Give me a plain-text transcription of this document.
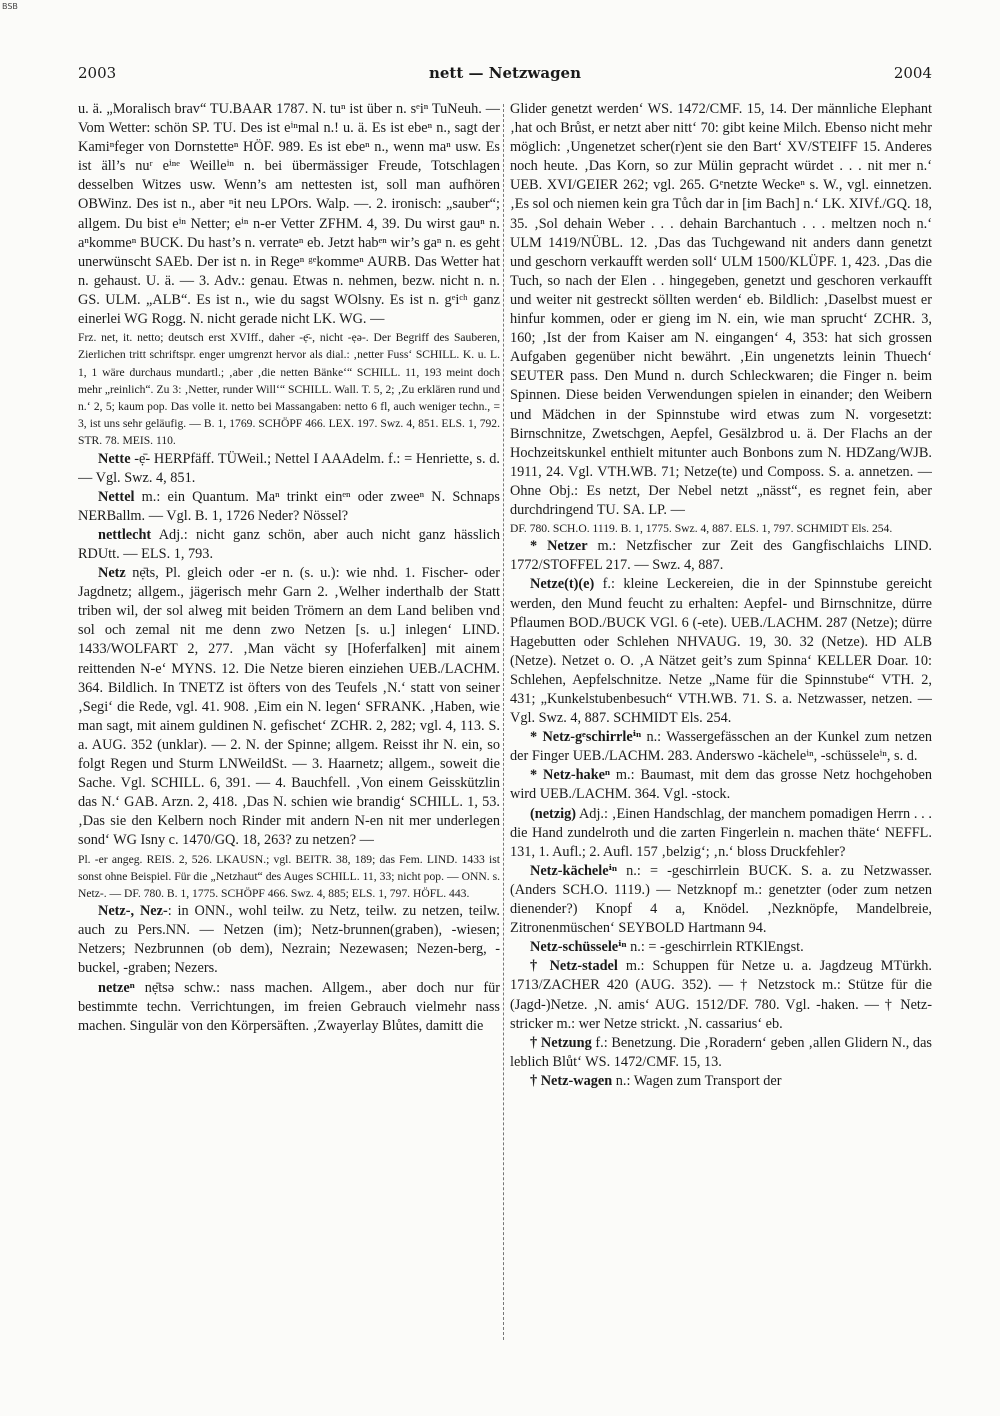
BSB
2003	nett — Netzwagen	2004

u. ä. „Moralisch brav“ TU.BAAR 1787. N. tuⁿ ist über n. sᵉiⁿ TuNeuh. — Vom Wetter: schön SP. TU. Des ist eⁱⁿmal n.! u. ä. Es ist ebeⁿ n., sagt der Kamiⁿfeger von Dornstetteⁿ HÖF. 989. Es ist ebeⁿ n., wenn maⁿ usw. Es ist äll’s nuʳ eⁱⁿᵉ Weilleⁱⁿ n. bei übermässiger Freude, Totschlagen desselben Witzes usw. Wenn’s am nettesten ist, soll man aufhören OBWinz. Des ist n., aber ⁿit neu LPOrs. Walp. —. 2. ironisch: „sauber“; allgem. Du bist eⁱⁿ Netter; eⁱⁿ n-er Vetter ZFHM. 4, 39. Du wirst gauⁿ n. aⁿkommeⁿ BUCK. Du hast’s n. verrateⁿ eb. Jetzt habᵉⁿ wir’s gaⁿ n. es geht unerwünscht SAEb. Der ist n. in Regeⁿ ᵍᵉkommeⁿ AURB. Das Wetter hat n. gehaust. U. ä. — 3. Adv.: genau. Etwas n. nehmen, bezw. nicht n. n. GS. ULM. „ALB“. Es ist n., wie du sagst WOlsny. Es ist n. gᵉiᶜʰ ganz einerlei WG Rogg. N. nicht gerade nicht LK. WG. —

Frz. net, it. netto; deutsch erst XVIff., daher -ẹ̄-, nicht -ẹə-. Der Begriff des Sauberen, Zierlichen tritt schriftspr. enger umgrenzt hervor als dial.: ‚netter Fuss‘ SCHILL. K. u. L. 1, 1 wäre durchaus mundartl.; ‚aber ‚die netten Bänke‘“ SCHILL. 11, 193 meint doch mehr „reinlich“. Zu 3: ‚Netter, runder Will‘“ SCHILL. Wall. T. 5, 2; ‚Zu erklären rund und n.‘ 2, 5; kaum pop. Das volle it. netto bei Massangaben: netto 6 fl, auch weniger techn., = 3, ist uns sehr geläufig. — B. 1, 1769. SCHÖPF 466. LEX. 197. Swz. 4, 851. ELS. 1, 792. STR. 78. MEIS. 110.

Nette -ẹ̄- HERPfäff. TÜWeil.; Nettel I AAAdelm. f.: = Henriette, s. d. — Vgl. Swz. 4, 851.

Nettel m.: ein Quantum. Maⁿ trinkt einᵉⁿ oder zweeⁿ N. Schnaps NERBallm. — Vgl. B. 1, 1726 Neder? Nössel?

nettlecht Adj.: nicht ganz schön, aber auch nicht ganz hässlich RDUtt. — ELS. 1, 793.

Netz nẹ̄ts, Pl. gleich oder -er n. (s. u.): wie nhd. 1. Fischer- oder Jagdnetz; allgem., jägerisch mehr Garn 2. ‚Welher inderthalb der Statt triben wil, der sol alweg mit beiden Trömern an dem Land beliben vnd sol och zemal nit me denn zwo Netzen [s. u.] inlegen‘ LIND. 1433/WOLFART 2, 277. ‚Man vächt sy [Hoferfalken] mit ainem reittenden N-e‘ MYNS. 12. Die Netze bieren einziehen UEB./LACHM. 364. Bildlich. In TNETZ ist öfters von des Teufels ‚N.‘ statt von seiner ‚Segi‘ die Rede, vgl. 41. 908. ‚Eim ein N. legen‘ SFRANK. ‚Haben, wie man sagt, mit ainem guldinen N. gefischet‘ ZCHR. 2, 282; vgl. 4, 113. S. a. AUG. 352 (unklar). — 2. N. der Spinne; allgem. Reisst ihr N. ein, so folgt Regen und Sturm LNWeildSt. — 3. Haarnetz; allgem., soweit die Sache. Vgl. SCHILL. 6, 391. — 4. Bauchfell. ‚Von einem Geisskützlin das N.‘ GAB. Arzn. 2, 418. ‚Das N. schien wie brandig‘ SCHILL. 1, 53. ‚Das sie den Kelbern noch Rinder mit andern N-en nit mer underlegen sond‘ WG Isny c. 1470/GQ. 18, 263? zu netzen? —

Pl. -er angeg. REIS. 2, 526. LKAUSN.; vgl. BEITR. 38, 189; das Fem. LIND. 1433 ist sonst ohne Beispiel. Für die „Netzhaut“ des Auges SCHILL. 11, 33; nicht pop. — ONN. s. Netz-. — DF. 780. B. 1, 1775. SCHÖPF 466. Swz. 4, 885; ELS. 1, 797. HÖFL. 443.

Netz-, Nez-: in ONN., wohl teilw. zu Netz, teilw. zu netzen, teilw. auch zu Pers.NN. — Netzen (im); Netz-brunnen(graben), -wiesen; Netzers; Nezbrunnen (ob dem), Nezrain; Nezewasen; Nezen-berg, -buckel, -graben; Nezers.

netzeⁿ nẹ̄tsə schw.: nass machen. Allgem., aber doch nur für bestimmte techn. Verrichtungen, im freien Gebrauch vielmehr nass machen. Singulär von den Körpersäften. ‚Zwayerlay Blůtes, damitt die

Glider genetzt werden‘ WS. 1472/CMF. 15, 14. Der männliche Elephant ‚hat och Brůst, er netzt aber nitt‘ 70: gibt keine Milch. Ebenso nicht mehr möglich: ‚Ungenetzet scher(r)ent sie den Bart‘ XV/STEIFF 15. Anderes noch heute. ‚Das Korn, so zur Mülin gepracht würdet . . . nit mer n.‘ UEB. XVI/GEIER 262; vgl. 265. Gᵉnetzte Weckeⁿ s. W., vgl. einnetzen. ‚Es sol och niemen kein gra Tůch dar in [im Bach] n.‘ LK. XIVf./GQ. 18, 35. ‚Sol dehain Weber . . . dehain Barchantuch . . . meltzen noch n.‘ ULM 1419/NÜBL. 12. ‚Das das Tuchgewand nit anders dann genetzt und geschorn verkaufft werden soll‘ ULM 1500/KLÜPF. 1, 423. ‚Das die Tuch, so nach der Elen . . hingegeben, genetzt und geschoren verkaufft und weiter nit gestreckt söllten werden‘ eb. Bildlich: ‚Daselbst muest er hinfur kommen, oder er gieng im N. ein, wie man sprucht‘ ZCHR. 3, 160; ‚Ist der from Kaiser am N. eingangen‘ 4, 353: hat sich grossen Aufgaben gegenüber nicht bewährt. ‚Ein ungenetzts leinin Thuech‘ SEUTER pass. Den Mund n. durch Schleckwaren; die Finger n. beim Spinnen. Diese beiden Verwendungen spielen in einander; den Weibern und Mädchen in der Spinnstube wird etwas zum N. vorgesetzt: Birnschnitze, Zwetschgen, Aepfel, Gesälzbrod u. ä. Der Flachs an der Hochzeitskunkel enthielt mitunter auch Bonbons zum N. HDZang/WJB. 1911, 24. Vgl. VTH.WB. 71; Netze(te) und Composs. S. a. annetzen. — Ohne Obj.: Es netzt, Der Nebel netzt „nässt“, es regnet fein, aber durchdringend TU. SA. LP. —

DF. 780. SCH.O. 1119. B. 1, 1775. Swz. 4, 887. ELS. 1, 797. SCHMIDT Els. 254.

* Netzer m.: Netzfischer zur Zeit des Gangfischlaichs LIND. 1772/STOFFEL 217. — Swz. 4, 887.

Netze(t)(e) f.: kleine Leckereien, die in der Spinnstube gereicht werden, den Mund feucht zu erhalten: Aepfel- und Birnschnitze, dürre Pflaumen BOD./BUCK VGl. 6 (-ete). UEB./LACHM. 287 (Netze); dürre Hagebutten oder Schlehen NHVAUG. 19, 30. 32 (Netze). HD ALB (Netze). Netzet o. O. ‚A Nätzet geit’s zum Spinna‘ KELLER Doar. 10: Schlehen, Aepfelschnitze. Netze „Name für die Spinnstube“ VTH. 2, 431; „Kunkelstubenbesuch“ VTH.WB. 71. S. a. Netzwasser, netzen. — Vgl. Swz. 4, 887. SCHMIDT Els. 254.

* Netz-gᵉschirrleⁱⁿ n.: Wassergefässchen an der Kunkel zum netzen der Finger UEB./LACHM. 283. Anderswo -kächeleⁱⁿ, -schüsseleⁱⁿ, s. d.

* Netz-hakeⁿ m.: Baumast, mit dem das grosse Netz hochgehoben wird UEB./LACHM. 364. Vgl. -stock.

(netzig) Adj.: ‚Einen Handschlag, der manchem pomadigen Herrn . . . die Hand zundelroth und die zarten Fingerlein n. machen thäte‘ NEFFL. 131, 1. Aufl.; 2. Aufl. 157 ‚belzig‘; ‚n.‘ bloss Druckfehler?

Netz-kächeleⁱⁿ n.: = -geschirrlein BUCK. S. a. zu Netzwasser. (Anders SCH.O. 1119.) — Netzknopf m.: genetzter (oder zum netzen dienender?) Knopf 4 a, Knödel. ‚Nezknöpfe, Mandelbreie, Zitronenmüschen‘ SEYBOLD Hartmann 94.

Netz-schüsseleⁱⁿ n.: = -geschirrlein RTKlEngst.

† Netz-stadel m.: Schuppen für Netze u. a. Jagdzeug MTürkh. 1713/ZACHER 420 (AUG. 352). — † Netzstock m.: Stütze für die (Jagd-)Netze. ‚N. amis‘ AUG. 1512/DF. 780. Vgl. -haken. — † Netz-stricker m.: wer Netze strickt. ‚N. cassarius‘ eb.

† Netzung f.: Benetzung. Die ‚Roradern‘ geben ‚allen Glidern N., das leblich Blůt‘ WS. 1472/CMF. 15, 13.

† Netz-wagen n.: Wagen zum Transport der
